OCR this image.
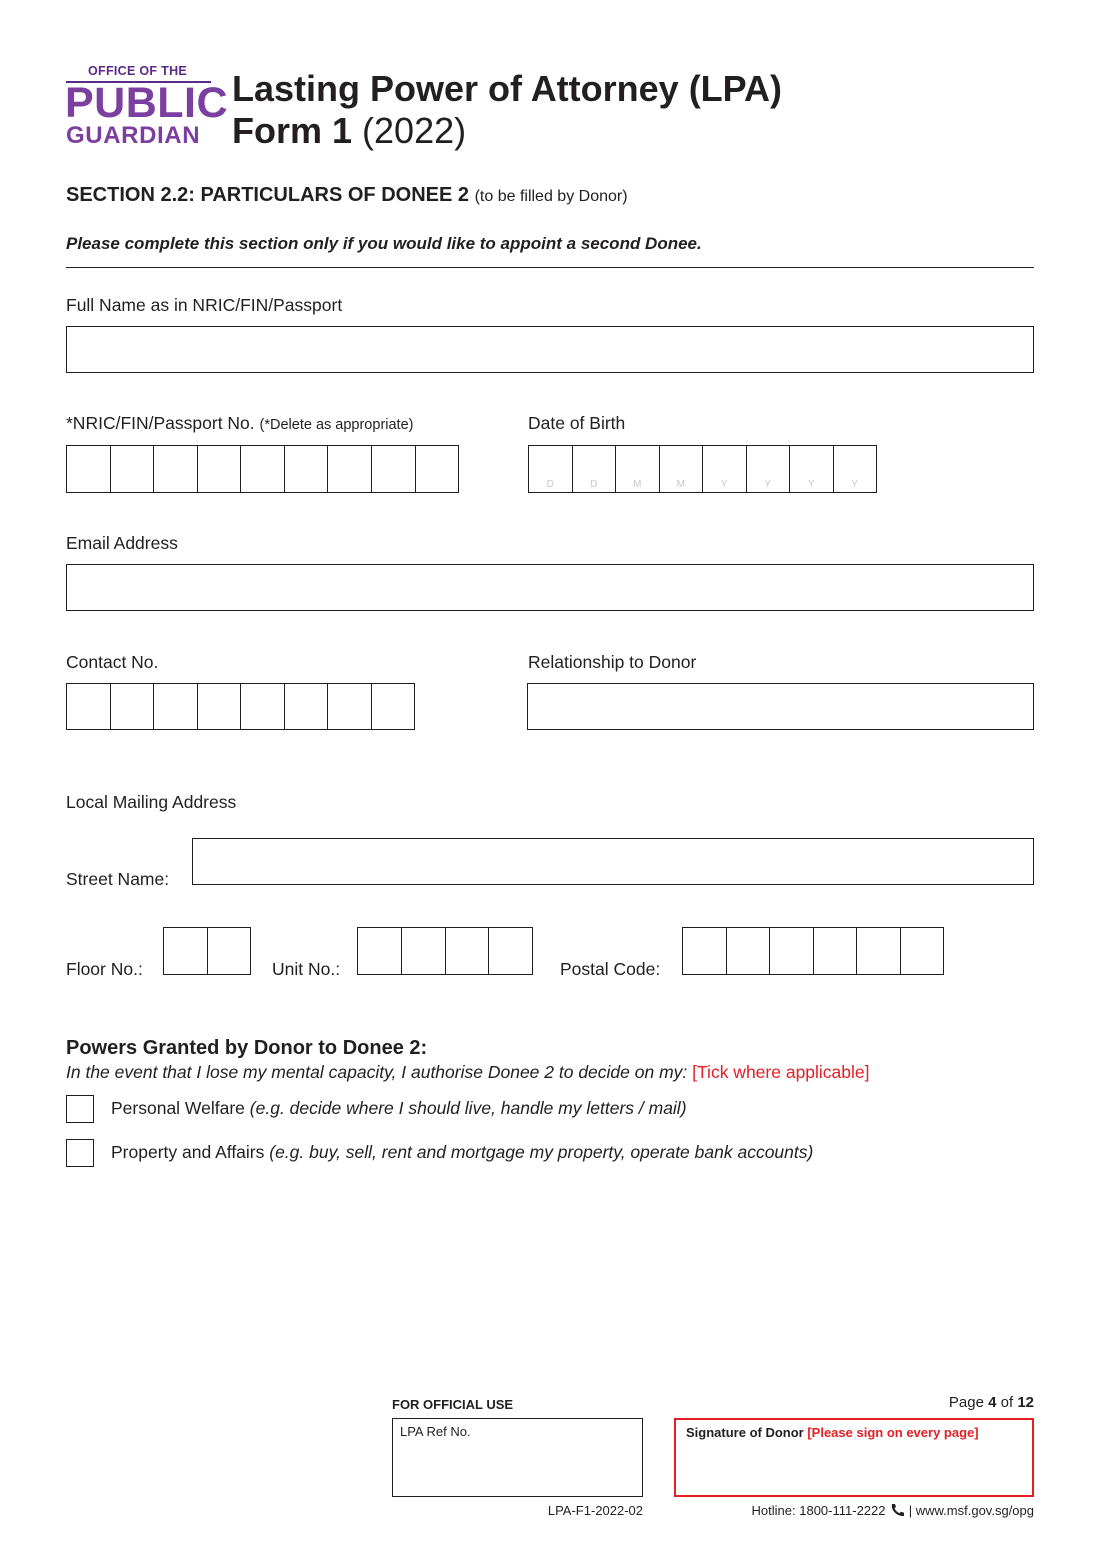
OFFICE OF THE
PUBLIC
GUARDIAN
Lasting Power of Attorney (LPA)
Form 1 (2022)
SECTION 2.2: PARTICULARS OF DONEE 2 (to be filled by Donor)
Please complete this section only if you would like to appoint a second Donee.
Full Name as in NRIC/FIN/Passport
*NRIC/FIN/Passport No. (*Delete as appropriate)	Date of Birth
D	D	M	M	Y	Y	Y	Y
Email Address
Contact No.	Relationship to Donor
Local Mailing Address
Street Name:
Floor No.:	Unit No.:	Postal Code:
Powers Granted by Donor to Donee 2:
In the event that I lose my mental capacity, I authorise Donee 2 to decide on my: [Tick where applicable]
Personal Welfare (e.g. decide where I should live, handle my letters / mail)
Property and Affairs (e.g. buy, sell, rent and mortgage my property, operate bank accounts)
FOR OFFICIAL USE
LPA Ref No.
Page 4 of 12
Signature of Donor [Please sign on every page]
LPA-F1-2022-02	Hotline: 1800-111-2222 | www.msf.gov.sg/opg
